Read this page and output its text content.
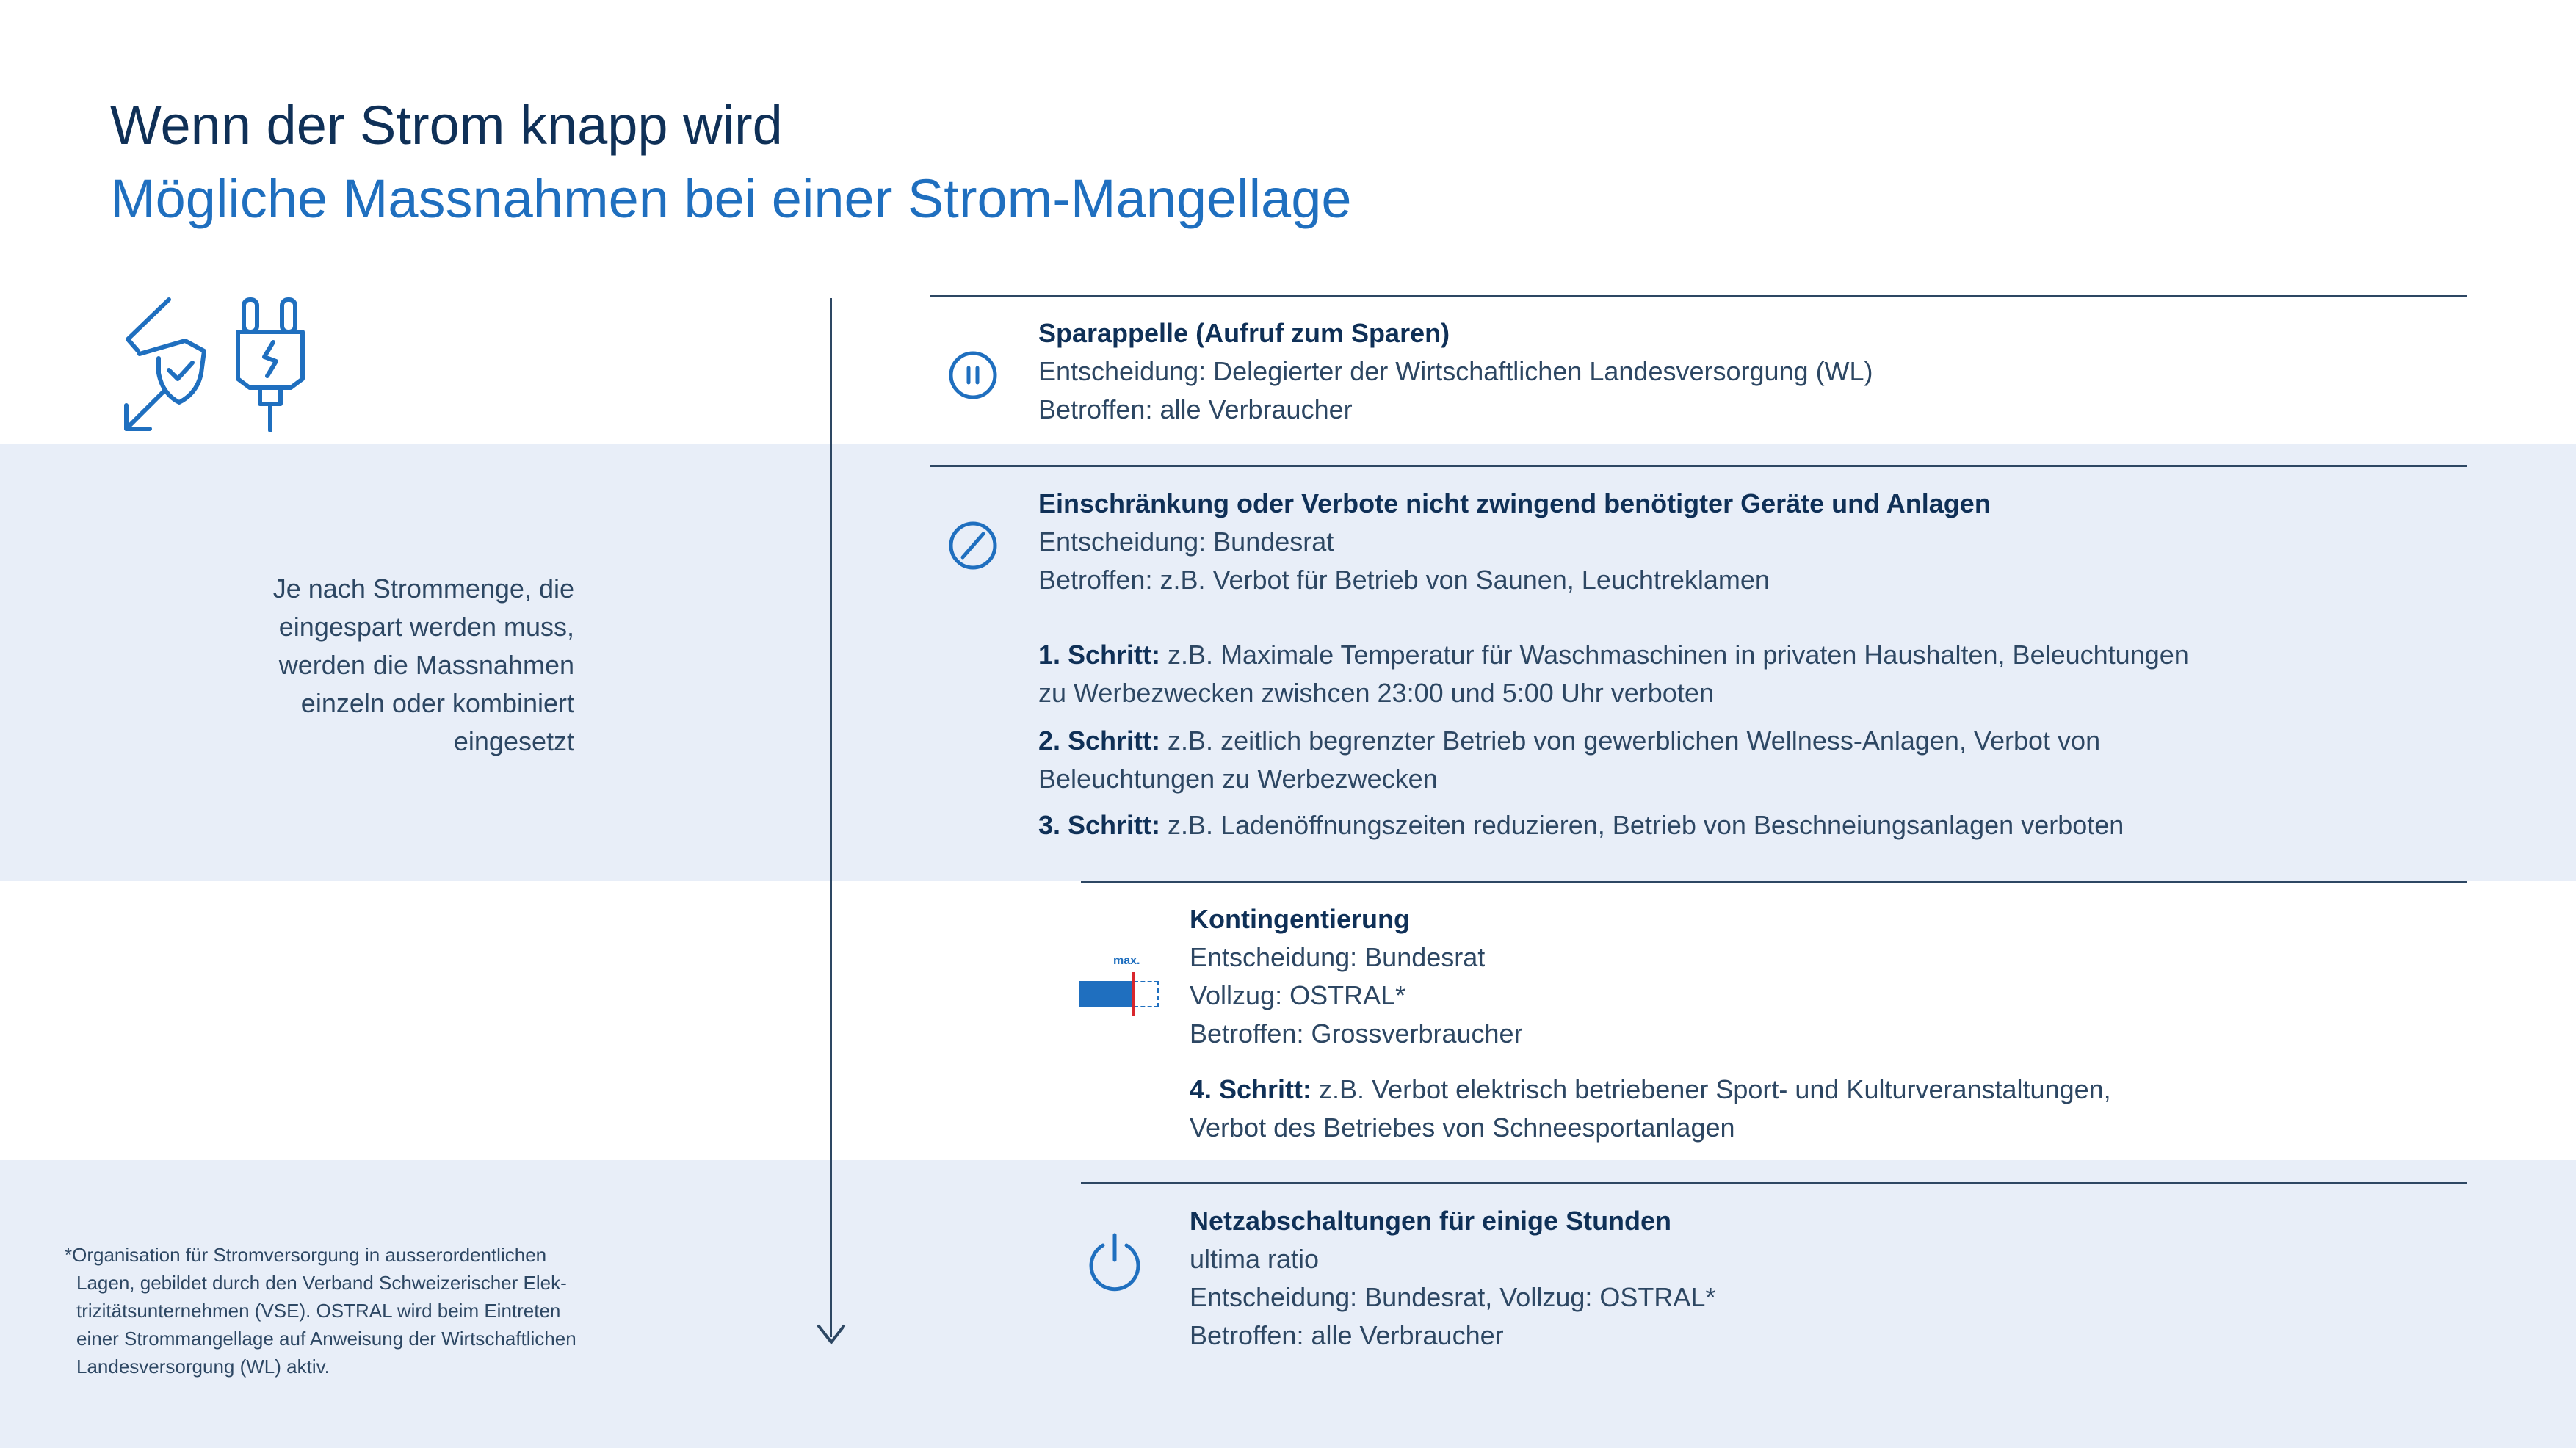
Wenn der Strom knapp wird
Mögliche Massnahmen bei einer Strom-Mangellage
Je nach Strommenge, die
eingespart werden muss,
werden die Massnahmen
einzeln oder kombiniert
eingesetzt

*Organisation für Stromversorgung in ausserordentlichen

Lagen, gebildet durch den Verband Schweizerischer Elek-

trizitätsunternehmen (VSE). OSTRAL wird beim Eintreten

einer Strommangellage auf Anweisung der Wirtschaftlichen

Landesversorgung (WL) aktiv.

Sparappelle (Aufruf zum Sparen)
Entscheidung: Delegierter der Wirtschaftlichen Landesversorgung (WL)
Betroffen: alle Verbraucher
Einschränkung oder Verbote nicht zwingend benötigter Geräte und Anlagen
Entscheidung: Bundesrat
Betroffen: z.B. Verbot für Betrieb von Saunen, Leuchtreklamen
1. Schritt: z.B. Maximale Temperatur für Waschmaschinen in privaten Haushalten, Beleuchtungen
zu Werbezwecken zwishcen 23:00 und 5:00 Uhr verboten
2. Schritt: z.B. zeitlich begrenzter Betrieb von gewerblichen Wellness-Anlagen, Verbot von
Beleuchtungen zu Werbezwecken
3. Schritt: z.B. Ladenöffnungszeiten reduzieren, Betrieb von Beschneiungsanlagen verboten
max.
Kontingentierung
Entscheidung: Bundesrat
Vollzug: OSTRAL*
Betroffen: Grossverbraucher
4. Schritt: z.B. Verbot elektrisch betriebener Sport- und Kulturveranstaltungen,
Verbot des Betriebes von Schneesportanlagen
Netzabschaltungen für einige Stunden
ultima ratio
Entscheidung: Bundesrat, Vollzug: OSTRAL*
Betroffen: alle Verbraucher
